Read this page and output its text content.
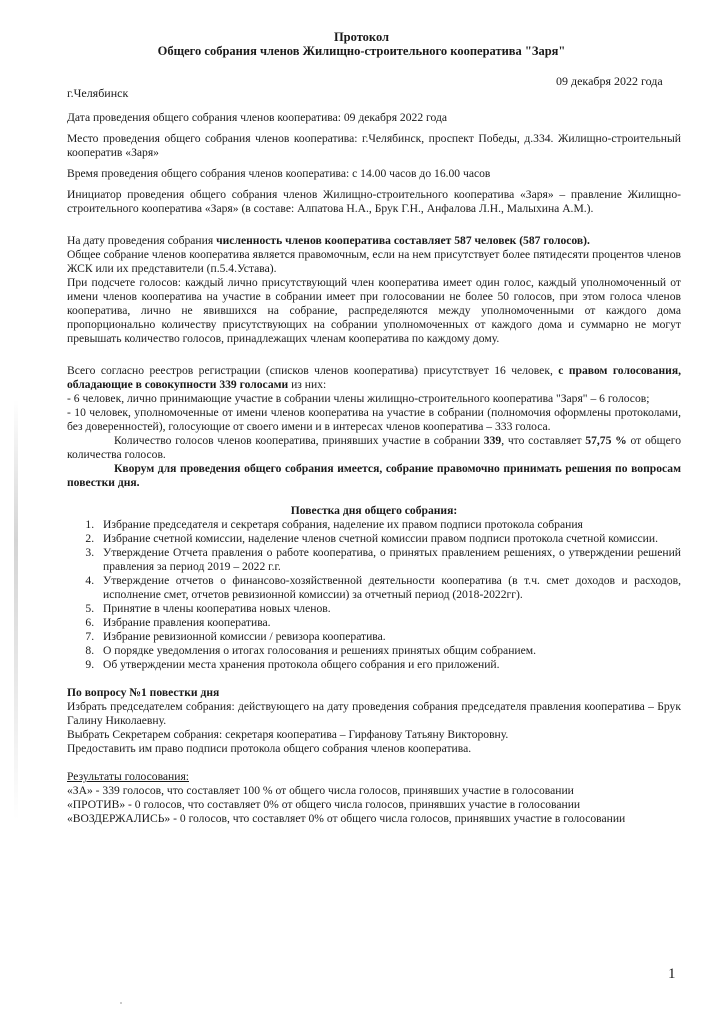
Протокол
Общего собрания членов Жилищно-строительного кооператива "Заря"
09 декабря 2022 года
г.Челябинск

Дата проведения общего собрания членов кооператива: 09 декабря 2022 года

Место проведения общего собрания членов кооператива: г.Челябинск, проспект Победы, д.334. Жилищно-строительный кооператив «Заря»

Время проведения общего собрания членов кооператива: с 14.00 часов до 16.00 часов

Инициатор проведения общего собрания членов Жилищно-строительного кооператива «Заря» – правление Жилищно-строительного кооператива «Заря» (в составе: Алпатова Н.А., Брук Г.Н., Анфалова Л.Н., Малыхина А.М.).

На дату проведения собрания численность членов кооператива составляет 587 человек (587 голосов).

Общее собрание членов кооператива является правомочным, если на нем присутствует более пятидесяти процентов членов ЖСК или их представители (п.5.4.Устава).

При подсчете голосов: каждый лично присутствующий член кооператива имеет один голос, каждый уполномоченный от имени членов кооператива на участие в собрании имеет при голосовании не более 50 голосов, при этом голоса членов кооператива, лично не явившихся на собрание, распределяются между уполномоченными от каждого дома пропорционально количеству присутствующих на собрании уполномоченных от каждого дома и суммарно не могут превышать количество голосов, принадлежащих членам кооператива по каждому дому.

Всего согласно реестров регистрации (списков членов кооператива) присутствует 16 человек, с правом голосования, обладающие в совокупности 339 голосами из них:

- 6 человек, лично принимающие участие в собрании члены жилищно-строительного кооператива "Заря" – 6 голосов;

- 10 человек, уполномоченные от имени членов кооператива на участие в собрании (полномочия оформлены протоколами, без доверенностей), голосующие от своего имени и в интересах членов кооператива – 333 голоса.

Количество голосов членов кооператива, принявших участие в собрании 339, что составляет 57,75 % от общего количества голосов.

Кворум для проведения общего собрания имеется, собрание правомочно принимать решения по вопросам повестки дня.

Повестка дня общего собрания:

1. Избрание председателя и секретаря собрания, наделение их правом подписи протокола собрания
2. Избрание счетной комиссии, наделение членов счетной комиссии правом подписи протокола счетной комиссии.
3. Утверждение Отчета правления о работе кооператива, о принятых правлением решениях, о утверждении решений правления за период 2019 – 2022 г.г.
4. Утверждение отчетов о финансово-хозяйственной деятельности кооператива (в т.ч. смет доходов и расходов, исполнение смет, отчетов ревизионной комиссии) за отчетный период (2018-2022гг).
5. Принятие в члены кооператива новых членов.
6. Избрание правления кооператива.
7. Избрание ревизионной комиссии / ревизора кооператива.
8. О порядке уведомления о итогах голосования и решениях принятых общим собранием.
9. Об утверждении места хранения протокола общего собрания и его приложений.

По вопросу №1 повестки дня

Избрать председателем собрания: действующего на дату проведения собрания председателя правления кооператива – Брук Галину Николаевну.

Выбрать Секретарем собрания: секретаря кооператива – Гирфанову Татьяну Викторовну.

Предоставить им право подписи протокола общего собрания членов кооператива.

Результаты голосования:

«ЗА» - 339 голосов, что составляет 100 % от общего числа голосов, принявших участие в голосовании

«ПРОТИВ» - 0 голосов, что составляет 0% от общего числа голосов, принявших участие в голосовании

«ВОЗДЕРЖАЛИСЬ» - 0 голосов, что составляет 0% от общего числа голосов, принявших участие в голосовании

1
